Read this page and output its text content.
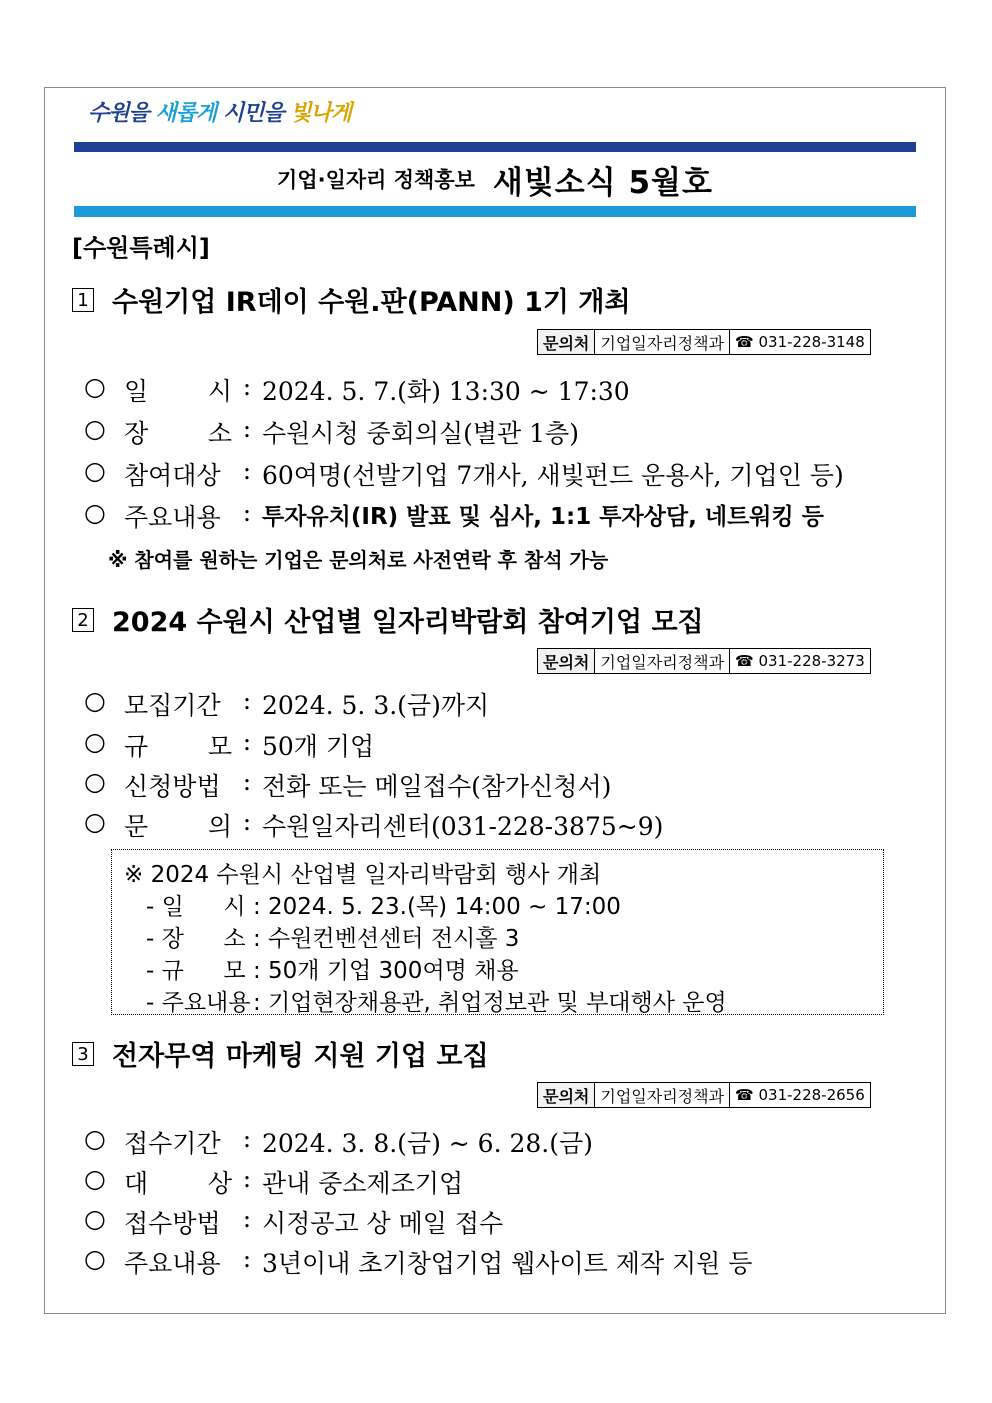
수원을 새롭게 시민을 빛나게
기업·일자리 정책홍보 새빛소식 5월호
[수원특례시]
1 수원기업 IR데이 수원.판(PANN) 1기 개최
문의처 기업일자리정책과 ☎ 031-228-3148
○ 일　시 : 2024. 5. 7.(화) 13:30 ~ 17:30
○ 장　소 : 수원시청 중회의실(별관 1층)
○ 참여대상 : 60여명(선발기업 7개사, 새빛펀드 운용사, 기업인 등)
○ 주요내용 : 투자유치(IR) 발표 및 심사, 1:1 투자상담, 네트워킹 등
※ 참여를 원하는 기업은 문의처로 사전연락 후 참석 가능
2 2024 수원시 산업별 일자리박람회 참여기업 모집
문의처 기업일자리정책과 ☎ 031-228-3273
○ 모집기간 : 2024. 5. 3.(금)까지
○ 규　모 : 50개 기업
○ 신청방법 : 전화 또는 메일접수(참가신청서)
○ 문　의 : 수원일자리센터(031-228-3875~9)
※ 2024 수원시 산업별 일자리박람회 행사 개최
- 일　시 : 2024. 5. 23.(목) 14:00 ~ 17:00
- 장　소 : 수원컨벤션센터 전시홀 3
- 규　모 : 50개 기업 300여명 채용
- 주요내용 : 기업현장채용관, 취업정보관 및 부대행사 운영
3 전자무역 마케팅 지원 기업 모집
문의처 기업일자리정책과 ☎ 031-228-2656
○ 접수기간 : 2024. 3. 8.(금) ~ 6. 28.(금)
○ 대　상 : 관내 중소제조기업
○ 접수방법 : 시정공고 상 메일 접수
○ 주요내용 : 3년이내 초기창업기업 웹사이트 제작 지원 등
